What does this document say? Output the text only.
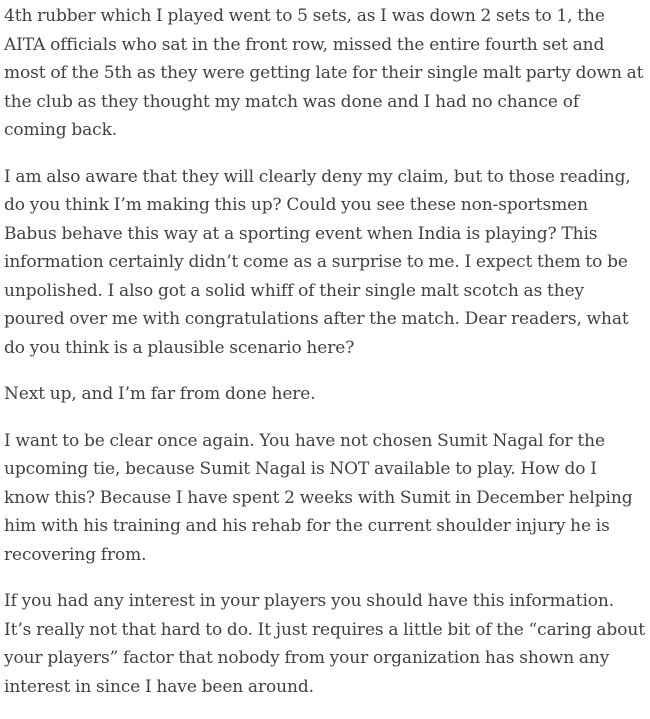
4th rubber which I played went to 5 sets, as I was down 2 sets to 1, the AITA officials who sat in the front row, missed the entire fourth set and most of the 5th as they were getting late for their single malt party down at the club as they thought my match was done and I had no chance of coming back.

I am also aware that they will clearly deny my claim, but to those reading, do you think I’m making this up? Could you see these non-sportsmen Babus behave this way at a sporting event when India is playing? This information certainly didn’t come as a surprise to me. I expect them to be unpolished. I also got a solid whiff of their single malt scotch as they poured over me with congratulations after the match. Dear readers, what do you think is a plausible scenario here?

Next up, and I’m far from done here.

I want to be clear once again. You have not chosen Sumit Nagal for the upcoming tie, because Sumit Nagal is NOT available to play. How do I know this? Because I have spent 2 weeks with Sumit in December helping him with his training and his rehab for the current shoulder injury he is recovering from.

If you had any interest in your players you should have this information. It’s really not that hard to do. It just requires a little bit of the “caring about your players” factor that nobody from your organization has shown any interest in since I have been around.
